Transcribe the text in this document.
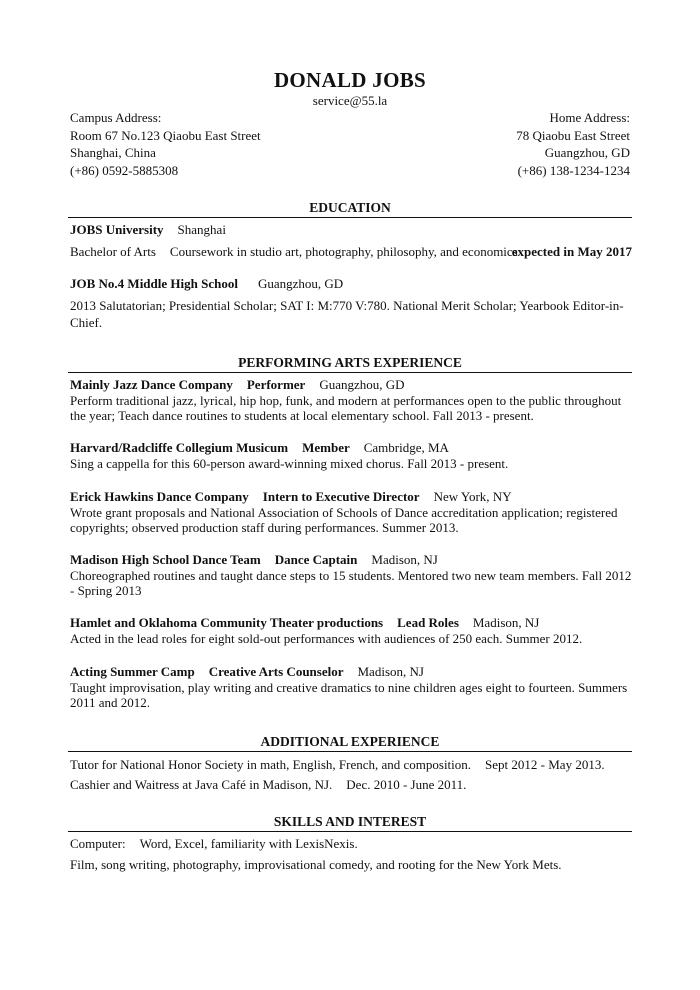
DONALD JOBS
service@55.la
Campus Address:
Room 67 No.123 Qiaobu East Street
Shanghai, China
(+86) 0592-5885308
Home Address:
78 Qiaobu East Street
Guangzhou, GD
(+86) 138-1234-1234
EDUCATION
JOBS University Shanghai
Bachelor of Arts Coursework in studio art, photography, philosophy, and economics
expected in May 2017
JOB No.4 Middle High School Guangzhou, GD
2013 Salutatorian; Presidential Scholar; SAT I: M:770 V:780. National Merit Scholar; Yearbook Editor-in-Chief.
PERFORMING ARTS EXPERIENCE
Mainly Jazz Dance Company Performer Guangzhou, GD
Perform traditional jazz, lyrical, hip hop, funk, and modern at performances open to the public throughout the year; Teach dance routines to students at local elementary school. Fall 2013 - present.
Harvard/Radcliffe Collegium Musicum Member Cambridge, MA
Sing a cappella for this 60-person award-winning mixed chorus. Fall 2013 - present.
Erick Hawkins Dance Company Intern to Executive Director New York, NY
Wrote grant proposals and National Association of Schools of Dance accreditation application; registered copyrights; observed production staff during performances. Summer 2013.
Madison High School Dance Team Dance Captain Madison, NJ
Choreographed routines and taught dance steps to 15 students. Mentored two new team members. Fall 2012 - Spring 2013
Hamlet and Oklahoma Community Theater productions Lead Roles Madison, NJ
Acted in the lead roles for eight sold-out performances with audiences of 250 each. Summer 2012.
Acting Summer Camp Creative Arts Counselor Madison, NJ
Taught improvisation, play writing and creative dramatics to nine children ages eight to fourteen. Summers 2011 and 2012.
ADDITIONAL EXPERIENCE
Tutor for National Honor Society in math, English, French, and composition. Sept 2012 - May 2013.
Cashier and Waitress at Java Café in Madison, NJ. Dec. 2010 - June 2011.
SKILLS AND INTEREST
Computer: Word, Excel, familiarity with LexisNexis.
Film, song writing, photography, improvisational comedy, and rooting for the New York Mets.
